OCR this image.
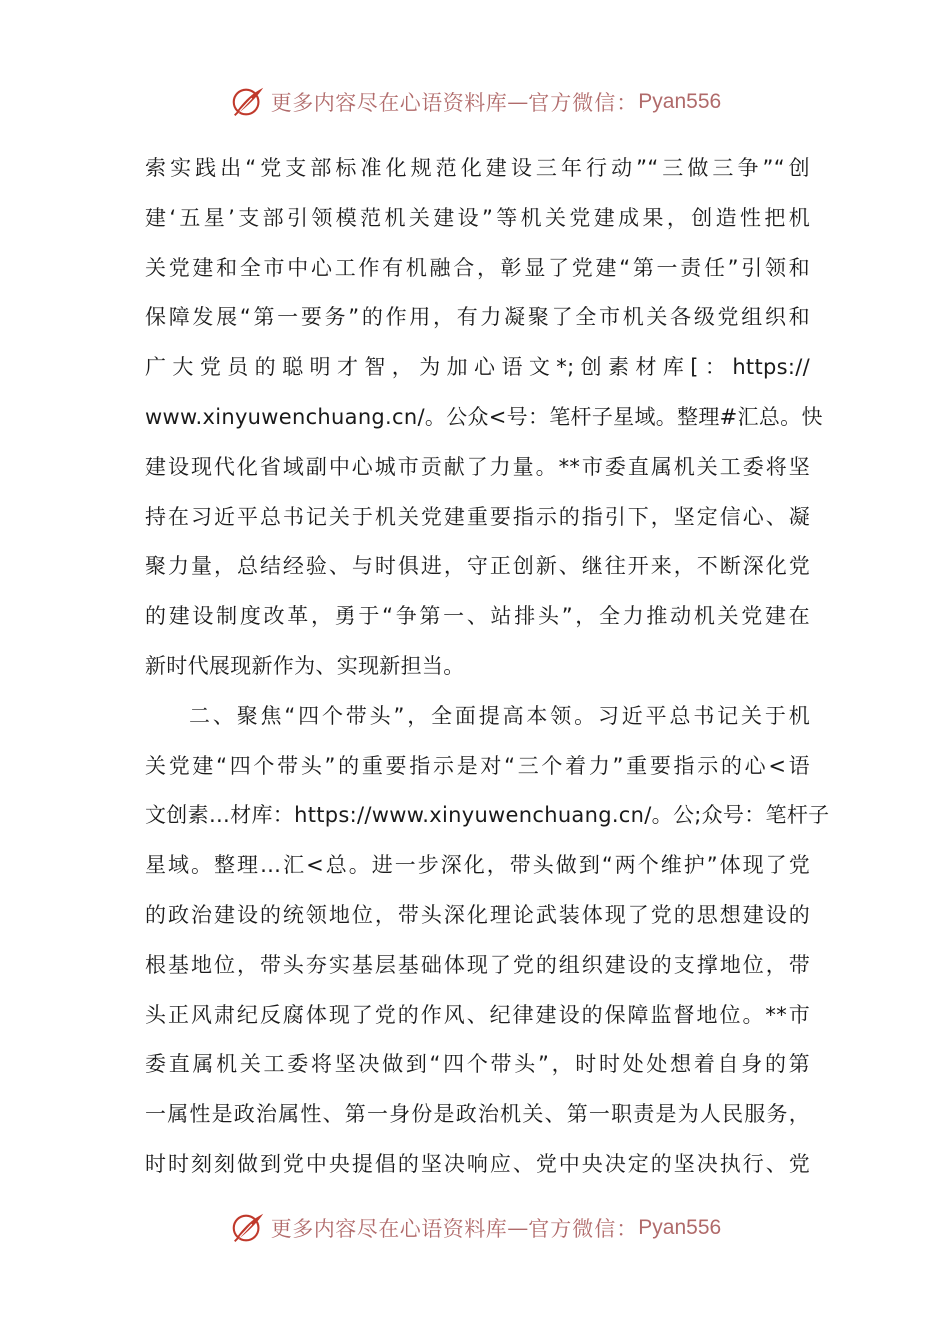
更多内容尽在心语资料库 — 官方微信： Pyan556
索实践出“党支部标准化规范化建设三年行动”“三做三争”“创
建‘五星’支部引领模范机关建设”等机关党建成果，创造性把机
关党建和全市中心工作有机融合，彰显了党建“第一责任”引领和
保障发展“第一要务”的作用，有力凝聚了全市机关各级党组织和
广大党员的聪明才智，为加心语文*;创素材库[：https://
www.xinyuwenchuang.cn/。公众<号：笔杆子星域。整理#汇总。快
建设现代化省域副中心城市贡献了力量。**市委直属机关工委将坚
持在习近平总书记关于机关党建重要指示的指引下，坚定信心、凝
聚力量，总结经验、与时俱进，守正创新、继往开来，不断深化党
的建设制度改革，勇于“争第一、站排头”，全力推动机关党建在
新时代展现新作为、实现新担当。
二、聚焦“四个带头”，全面提高本领。习近平总书记关于机
关党建“四个带头”的重要指示是对“三个着力”重要指示的心<语
文创素…材库：https://www.xinyuwenchuang.cn/。公;众号：笔杆子
星域。整理…汇<总。进一步深化，带头做到“两个维护”体现了党
的政治建设的统领地位，带头深化理论武装体现了党的思想建设的
根基地位，带头夯实基层基础体现了党的组织建设的支撑地位，带
头正风肃纪反腐体现了党的作风、纪律建设的保障监督地位。**市
委直属机关工委将坚决做到“四个带头”，时时处处想着自身的第
一属性是政治属性、第一身份是政治机关、第一职责是为人民服务，
时时刻刻做到党中央提倡的坚决响应、党中央决定的坚决执行、党
更多内容尽在心语资料库 — 官方微信： Pyan556
